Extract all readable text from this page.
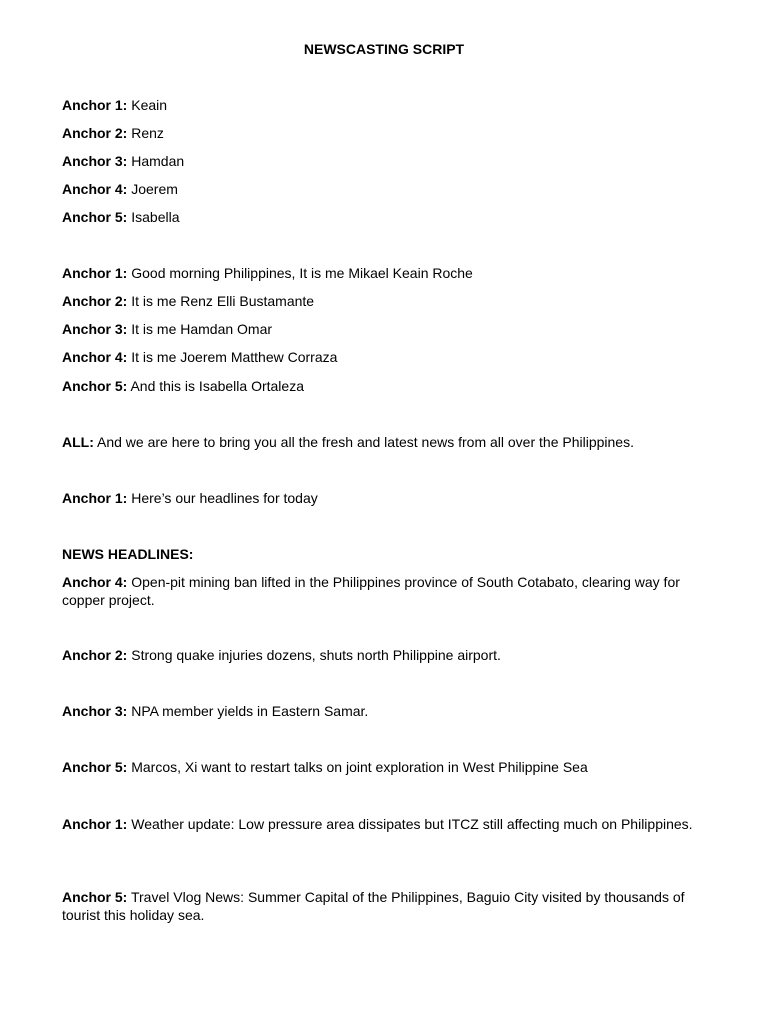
NEWSCASTING SCRIPT
Anchor 1: Keain
Anchor 2: Renz
Anchor 3: Hamdan
Anchor 4: Joerem
Anchor 5: Isabella
Anchor 1: Good morning Philippines, It is me Mikael Keain Roche
Anchor 2: It is me Renz Elli Bustamante
Anchor 3: It is me Hamdan Omar
Anchor 4: It is me Joerem Matthew Corraza
Anchor 5: And this is Isabella Ortaleza
ALL: And we are here to bring you all the fresh and latest news from all over the Philippines.
Anchor 1: Here’s our headlines for today
NEWS HEADLINES:
Anchor 4: Open-pit mining ban lifted in the Philippines province of South Cotabato, clearing way for copper project.
Anchor 2: Strong quake injuries dozens, shuts north Philippine airport.
Anchor 3: NPA member yields in Eastern Samar.
Anchor 5: Marcos, Xi want to restart talks on joint exploration in West Philippine Sea
Anchor 1: Weather update: Low pressure area dissipates but ITCZ still affecting much on Philippines.
Anchor 5: Travel Vlog News: Summer Capital of the Philippines, Baguio City visited by thousands of tourist this holiday sea.
